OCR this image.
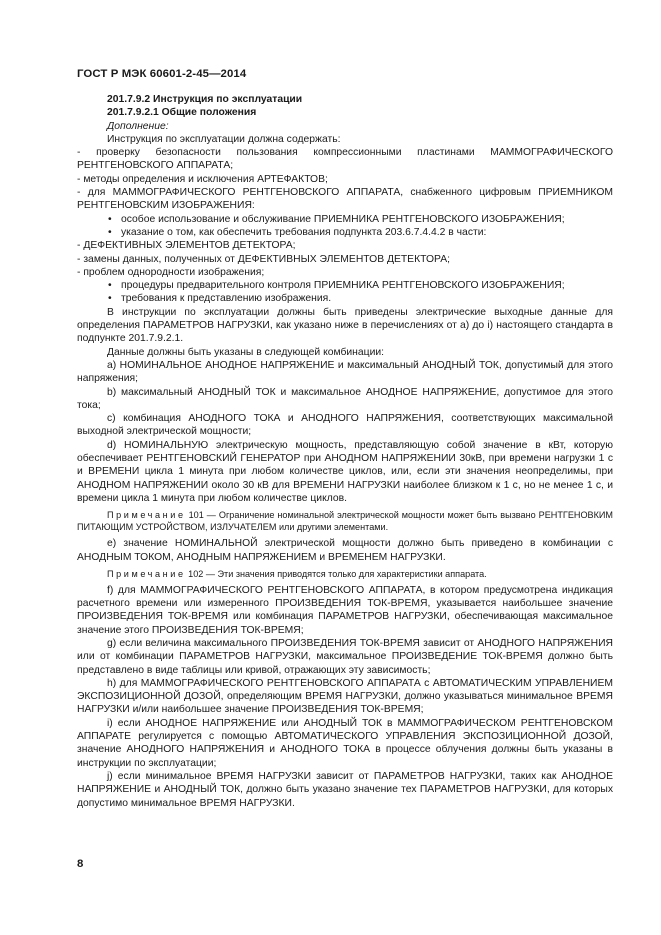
ГОСТ Р МЭК 60601-2-45—2014

201.7.9.2 Инструкция по эксплуатации

201.7.9.2.1 Общие положения

Дополнение:

Инструкция по эксплуатации должна содержать:

- проверку безопасности пользования компрессионными пластинами МАММОГРАФИЧЕСКОГО РЕНТГЕНОВСКОГО АППАРАТА;

- методы определения и исключения АРТЕФАКТОВ;

- для МАММОГРАФИЧЕСКОГО РЕНТГЕНОВСКОГО АППАРАТА, снабженного цифровым ПРИЕМНИКОМ РЕНТГЕНОВСКИМ ИЗОБРАЖЕНИЯ:

• особое использование и обслуживание ПРИЕМНИКА РЕНТГЕНОВСКОГО ИЗОБРАЖЕНИЯ;

• указание о том, как обеспечить требования подпункта 203.6.7.4.4.2 в части:

- ДЕФЕКТИВНЫХ ЭЛЕМЕНТОВ ДЕТЕКТОРА;

- замены данных, полученных от ДЕФЕКТИВНЫХ ЭЛЕМЕНТОВ ДЕТЕКТОРА;

- проблем однородности изображения;

• процедуры предварительного контроля ПРИЕМНИКА РЕНТГЕНОВСКОГО ИЗОБРАЖЕНИЯ;

• требования к представлению изображения.

В инструкции по эксплуатации должны быть приведены электрические выходные данные для определения ПАРАМЕТРОВ НАГРУЗКИ, как указано ниже в перечислениях от а) до i) настоящего стандарта в подпункте 201.7.9.2.1.

Данные должны быть указаны в следующей комбинации:

а) НОМИНАЛЬНОЕ АНОДНОЕ НАПРЯЖЕНИЕ и максимальный АНОДНЫЙ ТОК, допустимый для этого напряжения;

b) максимальный АНОДНЫЙ ТОК и максимальное АНОДНОЕ НАПРЯЖЕНИЕ, допустимое для этого тока;

с) комбинация АНОДНОГО ТОКА и АНОДНОГО НАПРЯЖЕНИЯ, соответствующих максимальной выходной электрической мощности;

d) НОМИНАЛЬНУЮ электрическую мощность, представляющую собой значение в кВт, которую обеспечивает РЕНТГЕНОВСКИЙ ГЕНЕРАТОР при АНОДНОМ НАПРЯЖЕНИИ 30кВ, при времени нагрузки 1 с и ВРЕМЕНИ цикла 1 минута при любом количестве циклов, или, если эти значения неопределимы, при АНОДНОМ НАПРЯЖЕНИИ около 30 кВ для ВРЕМЕНИ НАГРУЗКИ наиболее близком к 1 с, но не менее 1 с, и времени цикла 1 минута при любом количестве циклов.

Примечание 101 — Ограничение номинальной электрической мощности может быть вызвано РЕНТГЕНОВКИМ ПИТАЮЩИМ УСТРОЙСТВОМ, ИЗЛУЧАТЕЛЕМ или другими элементами.

е) значение НОМИНАЛЬНОЙ электрической мощности должно быть приведено в комбинации с АНОДНЫМ ТОКОМ, АНОДНЫМ НАПРЯЖЕНИЕМ и ВРЕМЕНЕМ НАГРУЗКИ.

Примечание 102 — Эти значения приводятся только для характеристики аппарата.

f) для МАММОГРАФИЧЕСКОГО РЕНТГЕНОВСКОГО АППАРАТА, в котором предусмотрена индикация расчетного времени или измеренного ПРОИЗВЕДЕНИЯ ТОК-ВРЕМЯ, указывается наибольшее значение ПРОИЗВЕДЕНИЯ ТОК-ВРЕМЯ или комбинация ПАРАМЕТРОВ НАГРУЗКИ, обеспечивающая максимальное значение этого ПРОИЗВЕДЕНИЯ ТОК-ВРЕМЯ;

g) если величина максимального ПРОИЗВЕДЕНИЯ ТОК-ВРЕМЯ зависит от АНОДНОГО НАПРЯЖЕНИЯ или от комбинации ПАРАМЕТРОВ НАГРУЗКИ, максимальное ПРОИЗВЕДЕНИЕ ТОК-ВРЕМЯ должно быть представлено в виде таблицы или кривой, отражающих эту зависимость;

h) для МАММОГРАФИЧЕСКОГО РЕНТГЕНОВСКОГО АППАРАТА с АВТОМАТИЧЕСКИМ УПРАВЛЕНИЕМ ЭКСПОЗИЦИОННОЙ ДОЗОЙ, определяющим ВРЕМЯ НАГРУЗКИ, должно указываться минимальное ВРЕМЯ НАГРУЗКИ и/или наибольшее значение ПРОИЗВЕДЕНИЯ ТОК-ВРЕМЯ;

i) если АНОДНОЕ НАПРЯЖЕНИЕ или АНОДНЫЙ ТОК в МАММОГРАФИЧЕСКОМ РЕНТГЕНОВСКОМ АППАРАТЕ регулируется с помощью АВТОМАТИЧЕСКОГО УПРАВЛЕНИЯ ЭКСПОЗИЦИОННОЙ ДОЗОЙ, значение АНОДНОГО НАПРЯЖЕНИЯ и АНОДНОГО ТОКА в процессе облучения должны быть указаны в инструкции по эксплуатации;

j) если минимальное ВРЕМЯ НАГРУЗКИ зависит от ПАРАМЕТРОВ НАГРУЗКИ, таких как АНОДНОЕ НАПРЯЖЕНИЕ и АНОДНЫЙ ТОК, должно быть указано значение тех ПАРАМЕТРОВ НАГРУЗКИ, для которых допустимо минимальное ВРЕМЯ НАГРУЗКИ.

8
